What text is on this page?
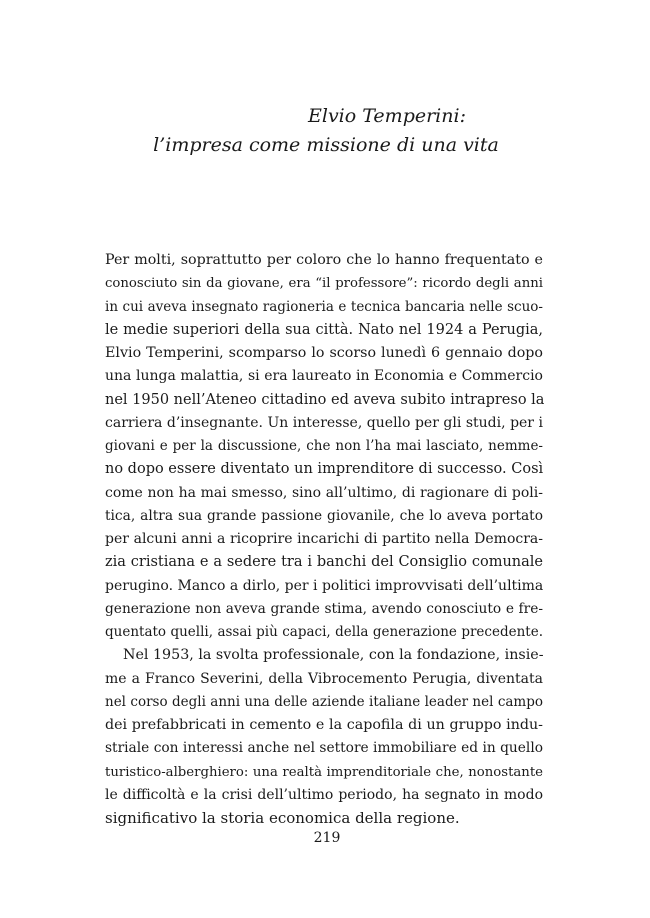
Elvio Temperini:
l’impresa come missione di una vita
Per molti, soprattutto per coloro che lo hanno frequentato e
conosciuto sin da giovane, era “il professore”: ricordo degli anni
in cui aveva insegnato ragioneria e tecnica bancaria nelle scuo-
le medie superiori della sua città. Nato nel 1924 a Perugia,
Elvio Temperini, scomparso lo scorso lunedì 6 gennaio dopo
una lunga malattia, si era laureato in Economia e Commercio
nel 1950 nell’Ateneo cittadino ed aveva subito intrapreso la
carriera d’insegnante. Un interesse, quello per gli studi, per i
giovani e per la discussione, che non l’ha mai lasciato, nemme-
no dopo essere diventato un imprenditore di successo. Così
come non ha mai smesso, sino all’ultimo, di ragionare di poli-
tica, altra sua grande passione giovanile, che lo aveva portato
per alcuni anni a ricoprire incarichi di partito nella Democra-
zia cristiana e a sedere tra i banchi del Consiglio comunale
perugino. Manco a dirlo, per i politici improvvisati dell’ultima
generazione non aveva grande stima, avendo conosciuto e fre-
quentato quelli, assai più capaci, della generazione precedente.
Nel 1953, la svolta professionale, con la fondazione, insie-
me a Franco Severini, della Vibrocemento Perugia, diventata
nel corso degli anni una delle aziende italiane leader nel campo
dei prefabbricati in cemento e la capofila di un gruppo indu-
striale con interessi anche nel settore immobiliare ed in quello
turistico-alberghiero: una realtà imprenditoriale che, nonostante
le difficoltà e la crisi dell’ultimo periodo, ha segnato in modo
significativo la storia economica della regione.
219
